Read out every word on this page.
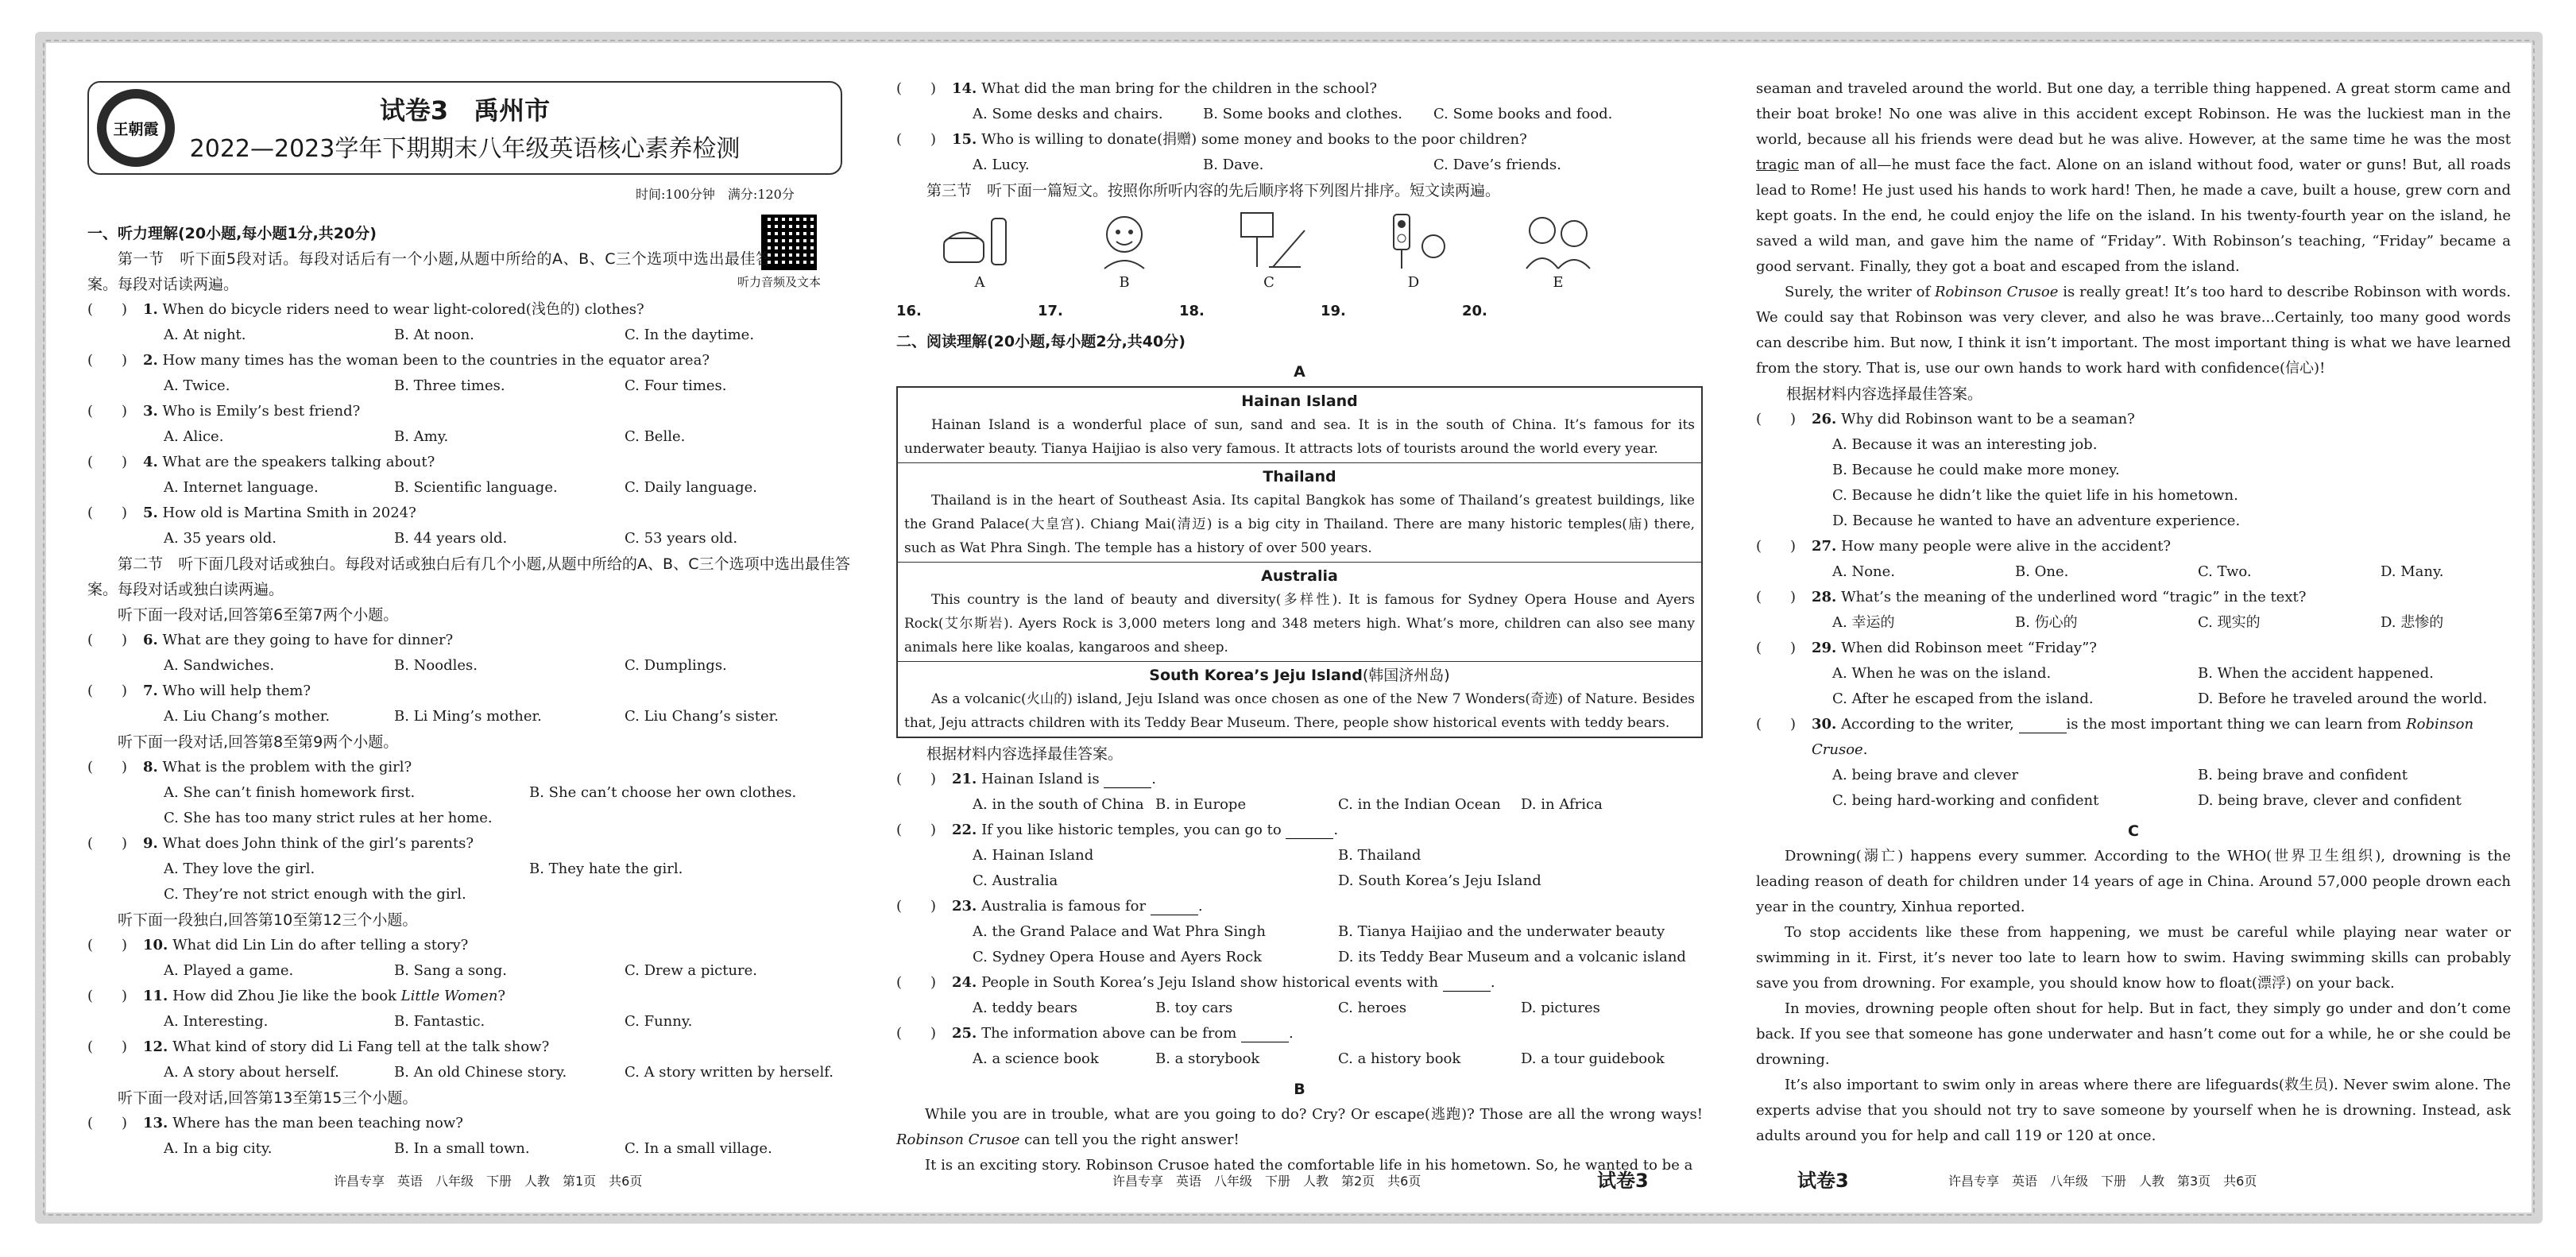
王朝霞
试卷3　禹州市
2022—2023学年下期期末八年级英语核心素养检测
时间:100分钟　满分:120分
听力音频及文本
一、听力理解(20小题,每小题1分,共20分)
第一节　听下面5段对话。每段对话后有一个小题,从题中所给的A、B、C三个选项中选出最佳答案。每段对话读两遍。
(　　)	1. When do bicycle riders need to wear light-colored(浅色的) clothes?
A. At night.	B. At noon.	C. In the daytime.
(　　)	2. How many times has the woman been to the countries in the equator area?
A. Twice.	B. Three times.	C. Four times.
(　　)	3. Who is Emily’s best friend?
A. Alice.	B. Amy.	C. Belle.
(　　)	4. What are the speakers talking about?
A. Internet language.	B. Scientific language.	C. Daily language.
(　　)	5. How old is Martina Smith in 2024?
A. 35 years old.	B. 44 years old.	C. 53 years old.
第二节　听下面几段对话或独白。每段对话或独白后有几个小题,从题中所给的A、B、C三个选项中选出最佳答案。每段对话或独白读两遍。
听下面一段对话,回答第6至第7两个小题。
(　　)	6. What are they going to have for dinner?
A. Sandwiches.	B. Noodles.	C. Dumplings.
(　　)	7. Who will help them?
A. Liu Chang’s mother.	B. Li Ming’s mother.	C. Liu Chang’s sister.
听下面一段对话,回答第8至第9两个小题。
(　　)	8. What is the problem with the girl?
A. She can’t finish homework first.	B. She can’t choose her own clothes.
C. She has too many strict rules at her home.
(　　)	9. What does John think of the girl’s parents?
A. They love the girl.	B. They hate the girl.
C. They’re not strict enough with the girl.
听下面一段独白,回答第10至第12三个小题。
(　　)	10. What did Lin Lin do after telling a story?
A. Played a game.	B. Sang a song.	C. Drew a picture.
(　　)	11. How did Zhou Jie like the book Little Women?
A. Interesting.	B. Fantastic.	C. Funny.
(　　)	12. What kind of story did Li Fang tell at the talk show?
A. A story about herself.	B. An old Chinese story.	C. A story written by herself.
听下面一段对话,回答第13至第15三个小题。
(　　)	13. Where has the man been teaching now?
A. In a big city.	B. In a small town.	C. In a small village.
(　　)	14. What did the man bring for the children in the school?
A. Some desks and chairs.	B. Some books and clothes.	C. Some books and food.
(　　)	15. Who is willing to donate(捐赠) some money and books to the poor children?
A. Lucy.	B. Dave.	C. Dave’s friends.
第三节　听下面一篇短文。按照你所听内容的先后顺序将下列图片排序。短文读两遍。
A	B	C	D	E
16.	17.	18.	19.	20.
二、阅读理解(20小题,每小题2分,共40分)
A
Hainan Island
Hainan Island is a wonderful place of sun, sand and sea. It is in the south of China. It’s famous for its underwater beauty. Tianya Haijiao is also very famous. It attracts lots of tourists around the world every year.

Thailand
Thailand is in the heart of Southeast Asia. Its capital Bangkok has some of Thailand’s greatest buildings, like the Grand Palace(大皇宫). Chiang Mai(清迈) is a big city in Thailand. There are many historic temples(庙) there, such as Wat Phra Singh. The temple has a history of over 500 years.

Australia
This country is the land of beauty and diversity(多样性). It is famous for Sydney Opera House and Ayers Rock(艾尔斯岩). Ayers Rock is 3,000 meters long and 348 meters high. What’s more, children can also see many animals here like koalas, kangaroos and sheep.

South Korea’s Jeju Island(韩国济州岛)
As a volcanic(火山的) island, Jeju Island was once chosen as one of the New 7 Wonders(奇迹) of Nature. Besides that, Jeju attracts children with its Teddy Bear Museum. There, people show historical events with teddy bears.
根据材料内容选择最佳答案。
(　　)	21. Hainan Island is	.
A. in the south of China B. in Europe	C. in the Indian Ocean	D. in Africa
(　　)	22. If you like historic temples, you can go to	.
A. Hainan Island	B. Thailand
C. Australia	D. South Korea’s Jeju Island
(　　)	23. Australia is famous for	.
A. the Grand Palace and Wat Phra Singh	B. Tianya Haijiao and the underwater beauty
C. Sydney Opera House and Ayers Rock	D. its Teddy Bear Museum and a volcanic island
(　　)	24. People in South Korea’s Jeju Island show historical events with	.
A. teddy bears	B. toy cars	C. heroes	D. pictures
(　　)	25. The information above can be from	.
A. a science book	B. a storybook	C. a history book	D. a tour guidebook
B
While you are in trouble, what are you going to do? Cry? Or escape(逃跑)? Those are all the wrong ways! Robinson Crusoe can tell you the right answer!
It is an exciting story. Robinson Crusoe hated the comfortable life in his hometown. So, he wanted to be a
seaman and traveled around the world. But one day, a terrible thing happened. A great storm came and their boat broke! No one was alive in this accident except Robinson. He was the luckiest man in the world, because all his friends were dead but he was alive. However, at the same time he was the most tragic man of all—he must face the fact. Alone on an island without food, water or guns! But, all roads lead to Rome! He just used his hands to work hard! Then, he made a cave, built a house, grew corn and kept goats. In the end, he could enjoy the life on the island. In his twenty-fourth year on the island, he saved a wild man, and gave him the name of “Friday”. With Robinson’s teaching, “Friday” became a good servant. Finally, they got a boat and escaped from the island.
Surely, the writer of Robinson Crusoe is really great! It’s too hard to describe Robinson with words. We could say that Robinson was very clever, and also he was brave...Certainly, too many good words can describe him. But now, I think it isn’t important. The most important thing is what we have learned from the story. That is, use our own hands to work hard with confidence(信心)!
根据材料内容选择最佳答案。
(　　)	26. Why did Robinson want to be a seaman?
A. Because it was an interesting job.
B. Because he could make more money.
C. Because he didn’t like the quiet life in his hometown.
D. Because he wanted to have an adventure experience.
(　　)	27. How many people were alive in the accident?
A. None.	B. One.	C. Two.	D. Many.
(　　)	28. What’s the meaning of the underlined word “tragic” in the text?
A. 幸运的	B. 伤心的	C. 现实的	D. 悲惨的
(　　)	29. When did Robinson meet “Friday”?
A. When he was on the island.	B. When the accident happened.
C. After he escaped from the island.	D. Before he traveled around the world.
(　　)	30. According to the writer,	is the most important thing we can learn from Robinson Crusoe.
A. being brave and clever	B. being brave and confident
C. being hard-working and confident	D. being brave, clever and confident
C
Drowning(溺亡) happens every summer. According to the WHO(世界卫生组织), drowning is the leading reason of death for children under 14 years of age in China. Around 57,000 people drown each year in the country, Xinhua reported.
To stop accidents like these from happening, we must be careful while playing near water or swimming in it. First, it’s never too late to learn how to swim. Having swimming skills can probably save you from drowning. For example, you should know how to float(漂浮) on your back.
In movies, drowning people often shout for help. But in fact, they simply go under and don’t come back. If you see that someone has gone underwater and hasn’t come out for a while, he or she could be drowning.
It’s also important to swim only in areas where there are lifeguards(救生员). Never swim alone. The experts advise that you should not try to save someone by yourself when he is drowning. Instead, ask adults around you for help and call 119 or 120 at once.
许昌专享　英语　八年级　下册　人教　第1页　共6页	许昌专享　英语　八年级　下册　人教　第2页　共6页	试卷3	试卷3	许昌专享　英语　八年级　下册　人教　第3页　共6页
